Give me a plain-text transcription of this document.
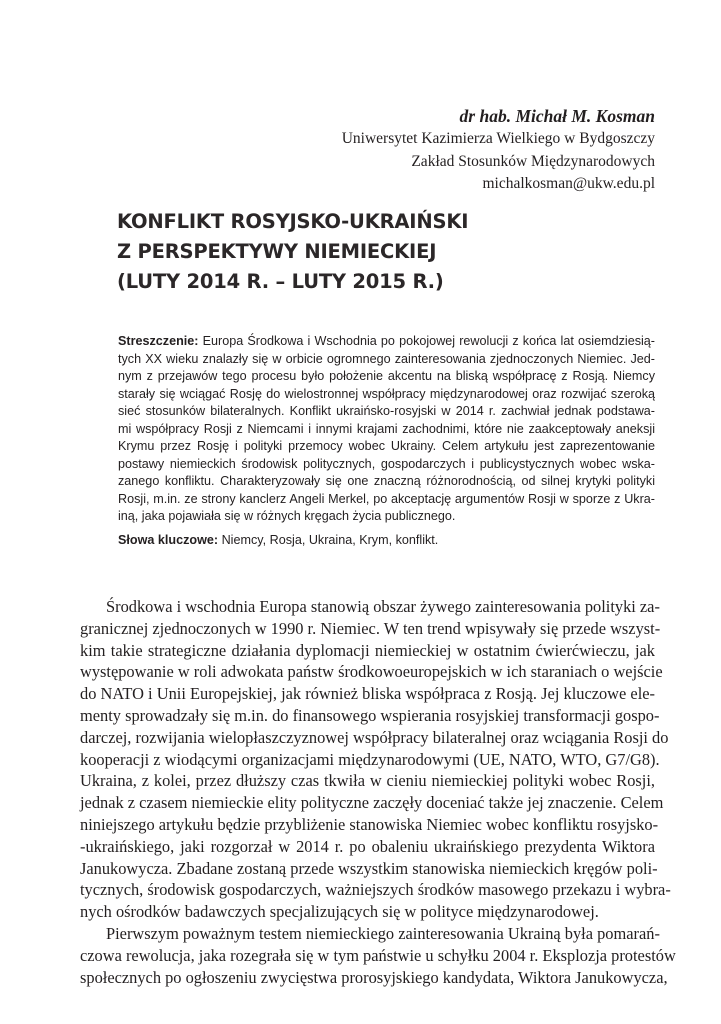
dr hab. Michał M. Kosman
Uniwersytet Kazimierza Wielkiego w Bydgoszczy
Zakład Stosunków Międzynarodowych
michalkosman@ukw.edu.pl
KONFLIKT ROSYJSKO-UKRAIŃSKI
Z PERSPEKTYWY NIEMIECKIEJ
(LUTY 2014 R. – LUTY 2015 R.)
Streszczenie: Europa Środkowa i Wschodnia po pokojowej rewolucji z końca lat osiemdziesią-
tych XX wieku znalazły się w orbicie ogromnego zainteresowania zjednoczonych Niemiec. Jed-
nym z przejawów tego procesu było położenie akcentu na bliską współpracę z Rosją. Niemcy
starały się wciągać Rosję do wielostronnej współpracy międzynarodowej oraz rozwijać szeroką
sieć stosunków bilateralnych. Konflikt ukraińsko-rosyjski w 2014 r. zachwiał jednak podstawa-
mi współpracy Rosji z Niemcami i innymi krajami zachodnimi, które nie zaakceptowały aneksji
Krymu przez Rosję i polityki przemocy wobec Ukrainy. Celem artykułu jest zaprezentowanie
postawy niemieckich środowisk politycznych, gospodarczych i publicystycznych wobec wska-
zanego konfliktu. Charakteryzowały się one znaczną różnorodnością, od silnej krytyki polityki
Rosji, m.in. ze strony kanclerz Angeli Merkel, po akceptację argumentów Rosji w sporze z Ukra-
iną, jaka pojawiała się w różnych kręgach życia publicznego.
Słowa kluczowe: Niemcy, Rosja, Ukraina, Krym, konflikt.
Środkowa i wschodnia Europa stanowią obszar żywego zainteresowania polityki za-
granicznej zjednoczonych w 1990 r. Niemiec. W ten trend wpisywały się przede wszyst-
kim takie strategiczne działania dyplomacji niemieckiej w ostatnim ćwierćwieczu, jak
występowanie w roli adwokata państw środkowoeuropejskich w ich staraniach o wejście
do NATO i Unii Europejskiej, jak również bliska współpraca z Rosją. Jej kluczowe ele-
menty sprowadzały się m.in. do finansowego wspierania rosyjskiej transformacji gospo-
darczej, rozwijania wielopłaszczyznowej współpracy bilateralnej oraz wciągania Rosji do
kooperacji z wiodącymi organizacjami międzynarodowymi (UE, NATO, WTO, G7/G8).
Ukraina, z kolei, przez dłuższy czas tkwiła w cieniu niemieckiej polityki wobec Rosji,
jednak z czasem niemieckie elity polityczne zaczęły doceniać także jej znaczenie. Celem
niniejszego artykułu będzie przybliżenie stanowiska Niemiec wobec konfliktu rosyjsko-
-ukraińskiego, jaki rozgorzał w 2014 r. po obaleniu ukraińskiego prezydenta Wiktora
Janukowycza. Zbadane zostaną przede wszystkim stanowiska niemieckich kręgów poli-
tycznych, środowisk gospodarczych, ważniejszych środków masowego przekazu i wybra-
nych ośrodków badawczych specjalizujących się w polityce międzynarodowej.
Pierwszym poważnym testem niemieckiego zainteresowania Ukrainą była pomarań-
czowa rewolucja, jaka rozegrała się w tym państwie u schyłku 2004 r. Eksplozja protestów
społecznych po ogłoszeniu zwycięstwa prorosyjskiego kandydata, Wiktora Janukowycza,
